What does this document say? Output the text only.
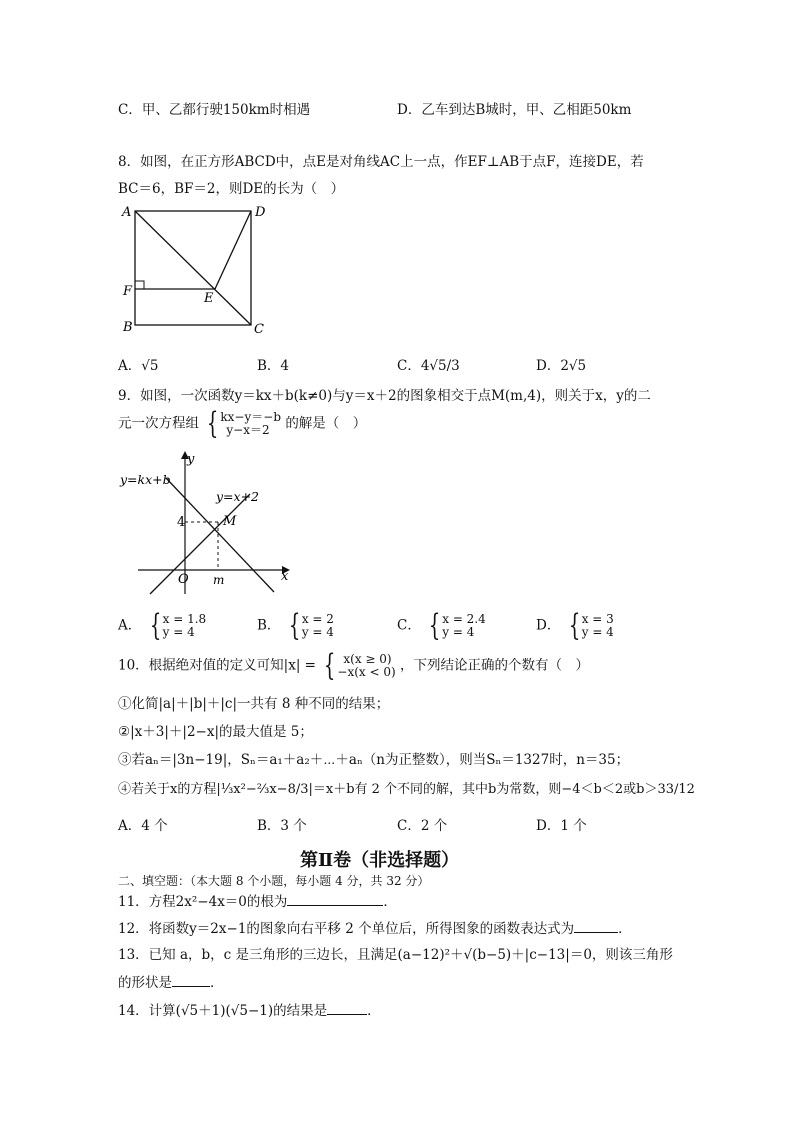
C．甲、乙都行驶150km时相遇	D．乙车到达B城时，甲、乙相距50km
8．如图，在正方形ABCD中，点E是对角线AC上一点，作EF⊥AB于点F，连接DE，若
BC＝6，BF＝2，则DE的长为（　）
A	D
F	E
B	C
A．√5	B．4	C．4√5/3	D．2√5
9．如图，一次函数y＝kx＋b(k≠0)与y＝x＋2的图象相交于点M(m,4)，则关于x，y的二
元一次方程组 { kx−y＝−b
y−x＝2	的解是（　）
y
x
O m
4	M
y=kx+b
y=x+2
A． { x = 1.8
y = 4	B． { x = 2
y = 4	C． { x = 2.4
y = 4	D． { x = 3
y = 4
10．根据绝对值的定义可知|x| = { x(x ≥ 0)
−x(x < 0) ，下列结论正确的个数有（　）
①化简|a|＋|b|＋|c|一共有 8 种不同的结果；
②|x＋3|＋|2−x|的最大值是 5；
③若aₙ＝|3n−19|，Sₙ＝a₁＋a₂＋⋯＋aₙ（n为正整数），则当Sₙ＝1327时，n＝35；
④若关于x的方程|⅓x²−⅔x−8/3|＝x＋b有 2 个不同的解，其中b为常数，则−4＜b＜2或b＞33/12
A．4 个	B．3 个	C．2 个	D．1 个
第Ⅱ卷（非选择题）
二、填空题：（本大题 8 个小题，每小题 4 分，共 32 分）
11．方程2x²−4x＝0的根为	．
12．将函数y＝2x−1的图象向右平移 2 个单位后，所得图象的函数表达式为	．
13．已知 a，b，c 是三角形的三边长，且满足(a−12)²＋√(b−5)＋|c−13|＝0，则该三角形
的形状是	．
14．计算(√5＋1)(√5−1)的结果是	．
